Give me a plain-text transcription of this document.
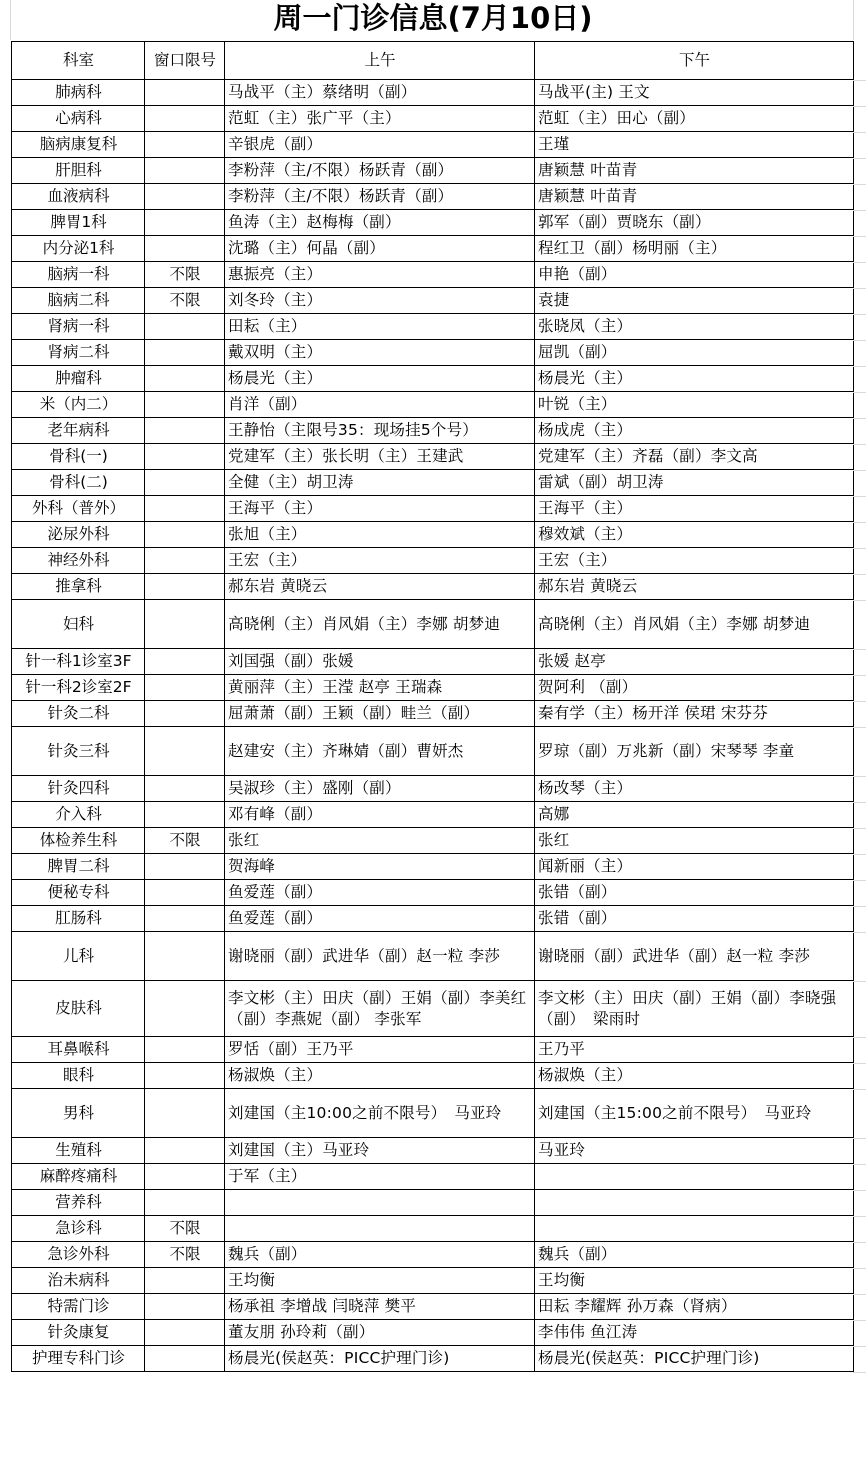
周一门诊信息(7月10日)
科室	窗口限号	上午	下午
肺病科		马战平（主）蔡绪明（副）	马战平(主) 王文
心病科		范虹（主）张广平（主）	范虹（主）田心（副）
脑病康复科		辛银虎（副）	王瑾
肝胆科		李粉萍（主/不限）杨跃青（副）	唐颖慧 叶苗青
血液病科		李粉萍（主/不限）杨跃青（副）	唐颖慧 叶苗青
脾胃1科		鱼涛（主）赵梅梅（副）	郭军（副）贾晓东（副）
内分泌1科		沈璐（主）何晶（副）	程红卫（副）杨明丽（主）
脑病一科	不限	惠振亮（主）	申艳（副）
脑病二科	不限	刘冬玲（主）	袁捷
肾病一科		田耘（主）	张晓凤（主）
肾病二科		戴双明（主）	屈凯（副）
肿瘤科		杨晨光（主）	杨晨光（主）
米（内二）		肖洋（副）	叶锐（主）
老年病科		王静怡（主限号35：现场挂5个号）	杨成虎（主）
骨科(一)		党建军（主）张长明（主）王建武	党建军（主）齐磊（副）李文高
骨科(二)		全健（主）胡卫涛	雷斌（副）胡卫涛
外科（普外）		王海平（主）	王海平（主）
泌尿外科		张旭（主）	穆效斌（主）
神经外科		王宏（主）	王宏（主）
推拿科		郝东岩 黄晓云	郝东岩 黄晓云
妇科		高晓俐（主）肖风娟（主）李娜 胡梦迪	高晓俐（主）肖风娟（主）李娜 胡梦迪
针一科1诊室3F		刘国强（副）张媛	张媛 赵亭
针一科2诊室2F		黄丽萍（主）王滢 赵亭 王瑞森	贺阿利 （副）
针灸二科		屈萧萧（副）王颖（副）畦兰（副）	秦有学（主）杨开洋 侯珺 宋芬芬
针灸三科		赵建安（主）齐琳婧（副）曹妍杰	罗琼（副）万兆新（副）宋琴琴 李童
针灸四科		吴淑珍（主）盛刚（副）	杨改琴（主）
介入科		邓有峰（副）	高娜
体检养生科	不限	张红	张红
脾胃二科		贺海峰	闻新丽（主）
便秘专科		鱼爱莲（副）	张错（副）
肛肠科		鱼爱莲（副）	张错（副）
儿科		谢晓丽（副）武进华（副）赵一粒 李莎	谢晓丽（副）武进华（副）赵一粒 李莎
皮肤科		李文彬（主）田庆（副）王娟（副）李美红（副）李燕妮（副） 李张军	李文彬（主）田庆（副）王娟（副）李晓强（副）　梁雨时
耳鼻喉科		罗恬（副）王乃平	王乃平
眼科		杨淑焕（主）	杨淑焕（主）
男科		刘建国（主10:00之前不限号）　马亚玲	刘建国（主15:00之前不限号）　马亚玲
生殖科		刘建国（主）马亚玲	马亚玲
麻醉疼痛科		于军（主）	
营养科			
急诊科	不限		
急诊外科	不限	魏兵（副）	魏兵（副）
治未病科		王均衡	王均衡
特需门诊		杨承祖 李增战 闫晓萍 樊平	田耘 李耀辉 孙万森（肾病）
针灸康复		董友朋 孙玲莉（副）	李伟伟 鱼江涛
护理专科门诊		杨晨光(侯赵英：PICC护理门诊)	杨晨光(侯赵英：PICC护理门诊)
